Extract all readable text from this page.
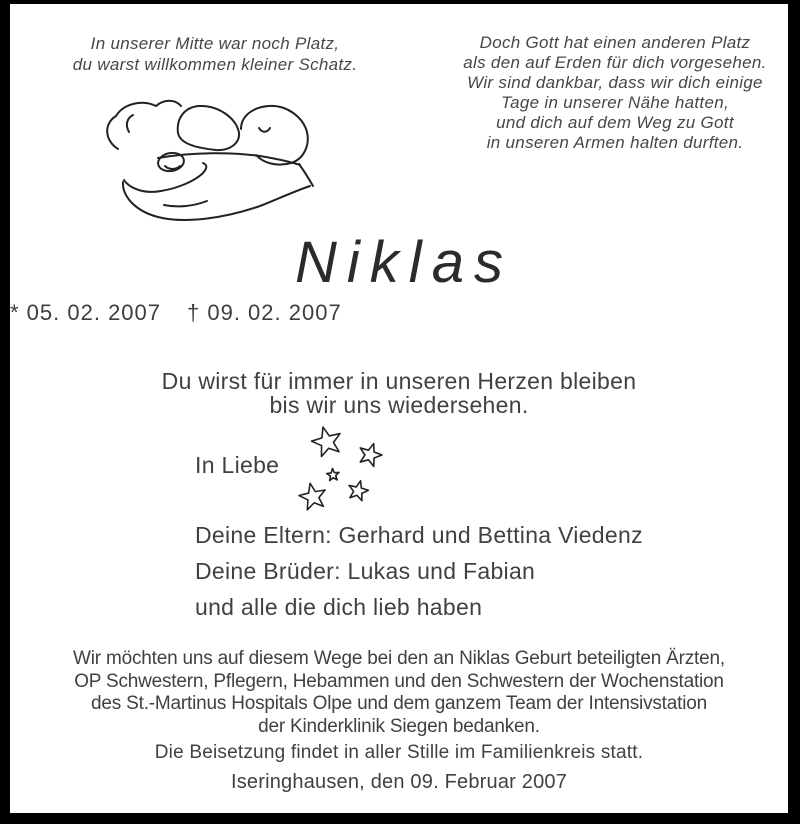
In unserer Mitte war noch Platz,
du warst willkommen kleiner Schatz.
Doch Gott hat einen anderen Platz
als den auf Erden für dich vorgesehen.
Wir sind dankbar, dass wir dich einige
Tage in unserer Nähe hatten,
und dich auf dem Weg zu Gott
in unseren Armen halten durften.
Niklas
* 05. 02. 2007 † 09. 02. 2007
Du wirst für immer in unseren Herzen bleiben
bis wir uns wiedersehen.
In Liebe
Deine Eltern: Gerhard und Bettina Viedenz
Deine Brüder: Lukas und Fabian
und alle die dich lieb haben
Wir möchten uns auf diesem Wege bei den an Niklas Geburt beteiligten Ärzten,
OP Schwestern, Pflegern, Hebammen und den Schwestern der Wochenstation
des St.-Martinus Hospitals Olpe und dem ganzem Team der Intensivstation
der Kinderklinik Siegen bedanken.
Die Beisetzung findet in aller Stille im Familienkreis statt.
Iseringhausen, den 09. Februar 2007
